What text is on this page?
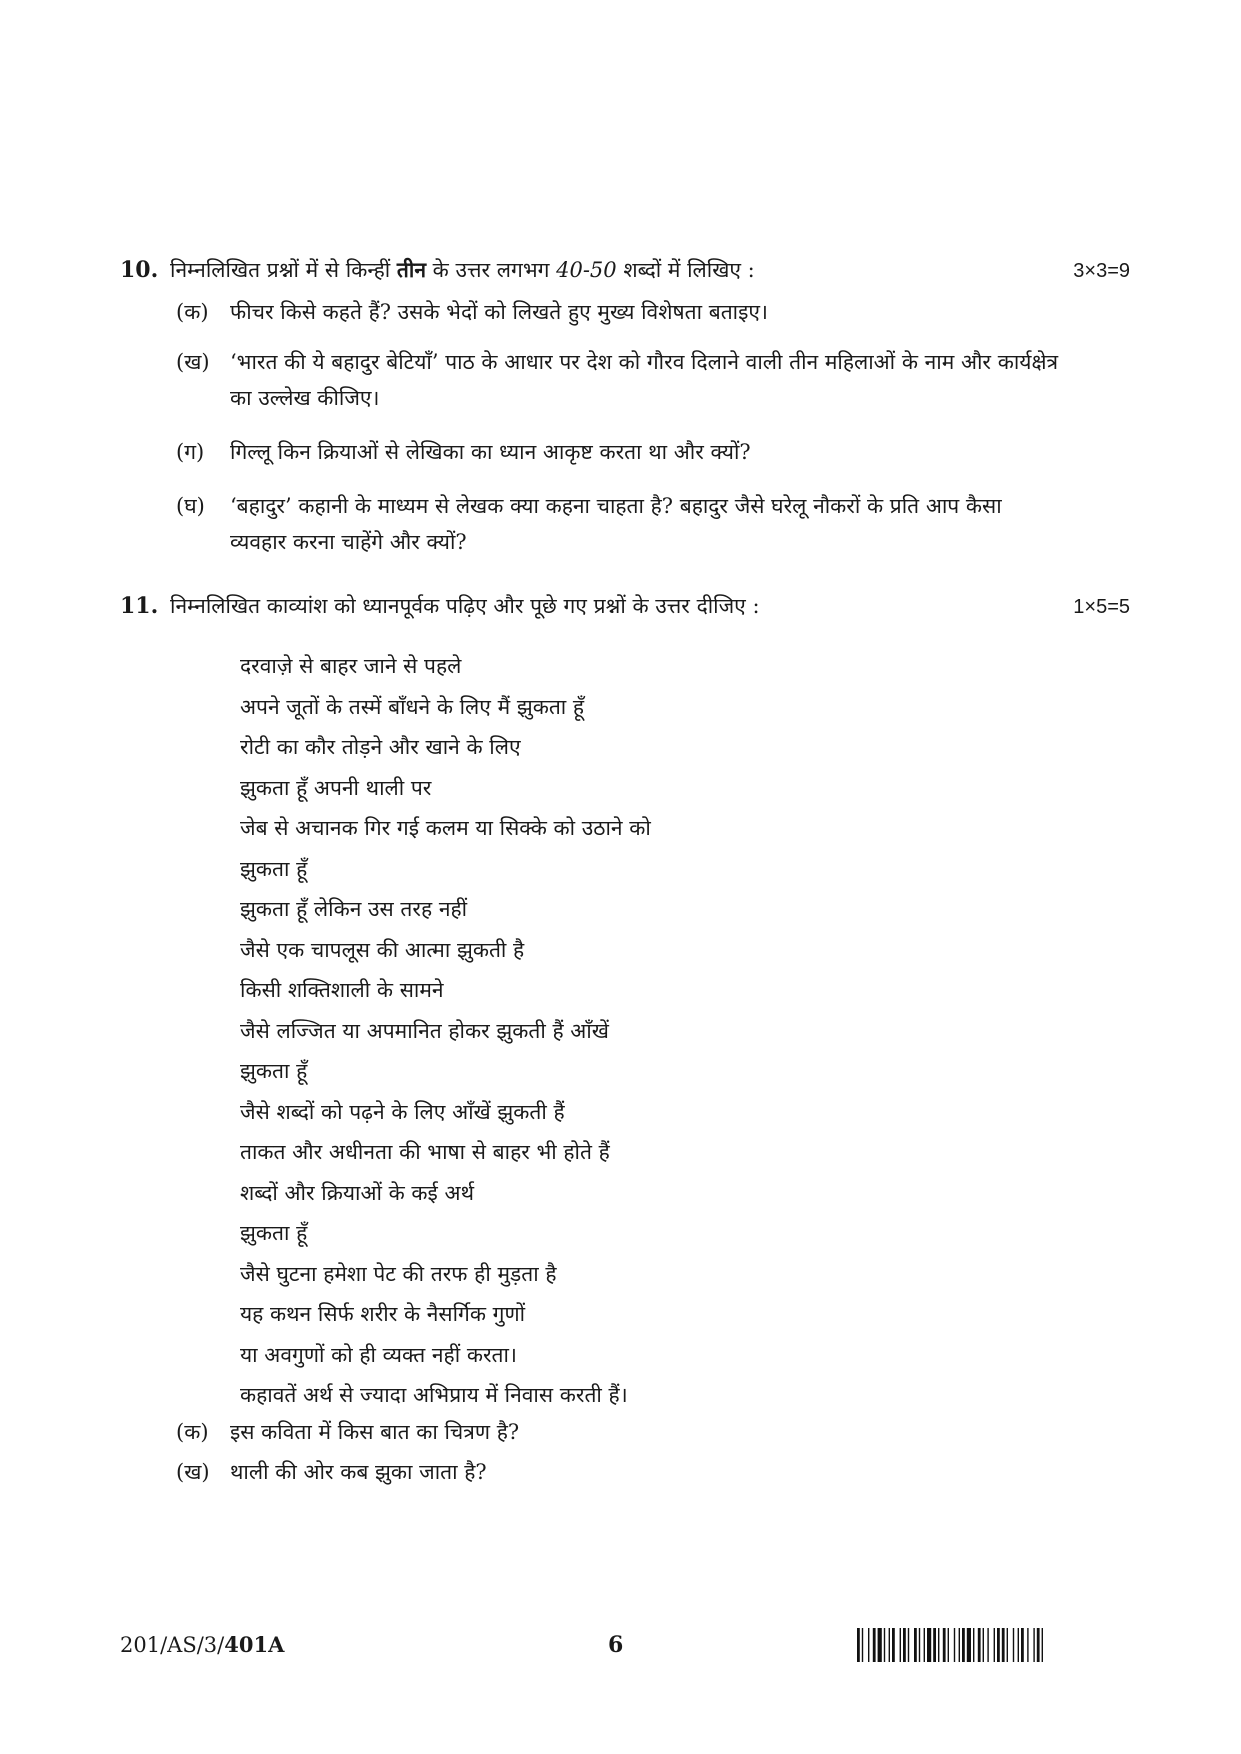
10. निम्नलिखित प्रश्नों में से किन्हीं तीन के उत्तर लगभग 40-50 शब्दों में लिखिए :	3×3=9
(क)	फीचर किसे कहते हैं? उसके भेदों को लिखते हुए मुख्य विशेषता बताइए।
(ख) ‘भारत की ये बहादुर बेटियाँ’ पाठ के आधार पर देश को गौरव दिलाने वाली तीन महिलाओं के नाम और कार्यक्षेत्र का उल्लेख कीजिए।
(ग)	गिल्लू किन क्रियाओं से लेखिका का ध्यान आकृष्ट करता था और क्यों?
(घ)	‘बहादुर’ कहानी के माध्यम से लेखक क्या कहना चाहता है? बहादुर जैसे घरेलू नौकरों के प्रति आप कैसा व्यवहार करना चाहेंगे और क्यों?
11. निम्नलिखित काव्यांश को ध्यानपूर्वक पढ़िए और पूछे गए प्रश्नों के उत्तर दीजिए :	1×5=5
दरवाज़े से बाहर जाने से पहले
अपने जूतों के तस्में बाँधने के लिए मैं झुकता हूँ
रोटी का कौर तोड़ने और खाने के लिए
झुकता हूँ अपनी थाली पर
जेब से अचानक गिर गई कलम या सिक्के को उठाने को
झुकता हूँ
झुकता हूँ लेकिन उस तरह नहीं
जैसे एक चापलूस की आत्मा झुकती है
किसी शक्तिशाली के सामने
जैसे लज्जित या अपमानित होकर झुकती हैं आँखें
झुकता हूँ
जैसे शब्दों को पढ़ने के लिए आँखें झुकती हैं
ताकत और अधीनता की भाषा से बाहर भी होते हैं
शब्दों और क्रियाओं के कई अर्थ
झुकता हूँ
जैसे घुटना हमेशा पेट की तरफ ही मुड़ता है
यह कथन सिर्फ शरीर के नैसर्गिक गुणों
या अवगुणों को ही व्यक्त नहीं करता।
कहावतें अर्थ से ज्यादा अभिप्राय में निवास करती हैं।
(क)	इस कविता में किस बात का चित्रण है?
(ख) थाली की ओर कब झुका जाता है?
201/AS/3/401A	6
